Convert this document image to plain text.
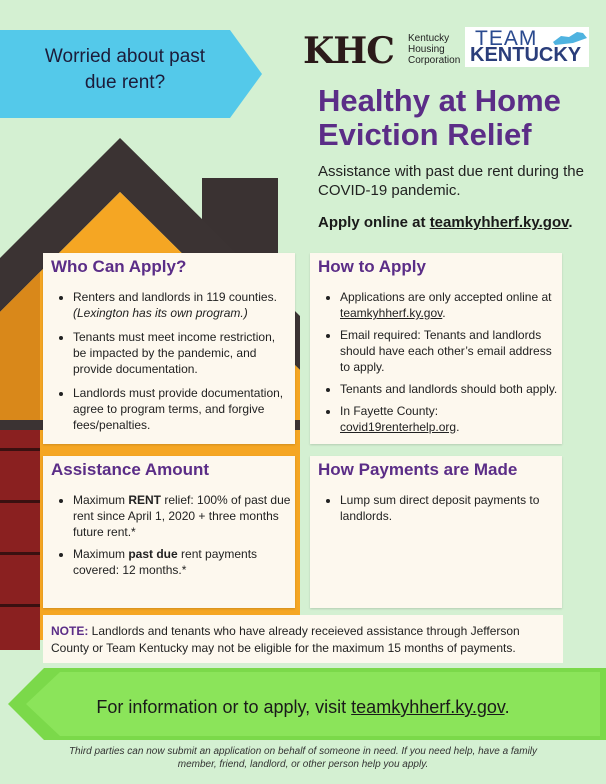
Worried about past due rent?
KHC Kentucky Housing Corporation
TEAM
KENTUCKY
Healthy at Home Eviction Relief
Assistance with past due rent during the COVID-19 pandemic.
Apply online at teamkyhherf.ky.gov.
Who Can Apply?
• Renters and landlords in 119 counties.
(Lexington has its own program.)
• Tenants must meet income restriction, be impacted by the pandemic, and provide documentation.
• Landlords must provide documentation, agree to program terms, and forgive fees/penalties.
How to Apply
• Applications are only accepted online at teamkyhherf.ky.gov.
• Email required: Tenants and landlords should have each other’s email address to apply.
• Tenants and landlords should both apply.
• In Fayette County: covid19renterhelp.org.
Assistance Amount
• Maximum RENT relief: 100% of past due rent since April 1, 2020 + three months future rent.*
• Maximum past due rent payments covered: 12 months.*
How Payments are Made
• Lump sum direct deposit payments to landlords.
NOTE: Landlords and tenants who have already receieved assistance through Jefferson County or Team Kentucky may not be eligible for the maximum 15 months of payments.
For information or to apply, visit teamkyhherf.ky.gov.
Third parties can now submit an application on behalf of someone in need. If you need help, have a family member, friend, landlord, or other person help you apply.
